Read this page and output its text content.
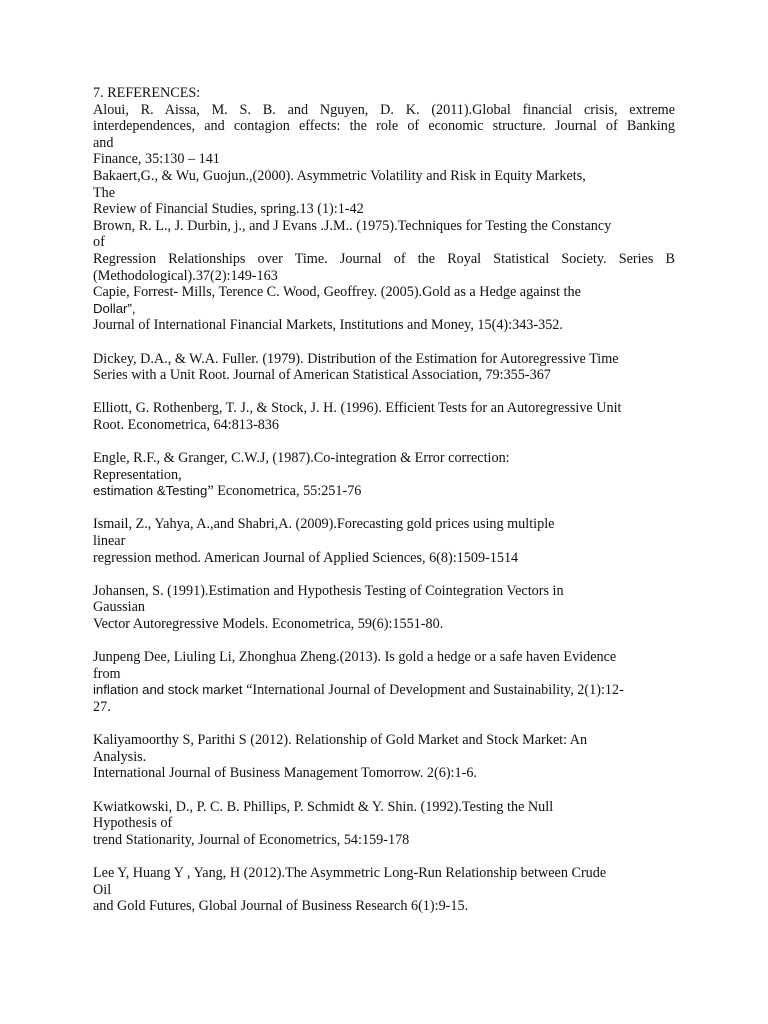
7. REFERENCES:
Aloui, R. Aissa, M. S. B. and Nguyen, D. K. (2011).Global financial crisis, extreme
interdependences, and contagion effects: the role of economic structure. Journal of Banking
and
Finance, 35:130 – 141
Bakaert,G., & Wu, Guojun.,(2000). Asymmetric Volatility and Risk in Equity Markets,
The
Review of Financial Studies, spring.13 (1):1-42
Brown, R. L., J. Durbin, j., and J Evans .J.M.. (1975).Techniques for Testing the Constancy
of
Regression Relationships over Time. Journal of the Royal Statistical Society. Series B
(Methodological).37(2):149-163
Capie, Forrest- Mills, Terence C. Wood, Geoffrey. (2005).Gold as a Hedge against the
Dollar”,
Journal of International Financial Markets, Institutions and Money, 15(4):343-352.
Dickey, D.A., & W.A. Fuller. (1979). Distribution of the Estimation for Autoregressive Time
Series with a Unit Root. Journal of American Statistical Association, 79:355-367
Elliott, G. Rothenberg, T. J., & Stock, J. H. (1996). Efficient Tests for an Autoregressive Unit
Root. Econometrica, 64:813-836
Engle, R.F., & Granger, C.W.J, (1987).Co-integration & Error correction:
Representation,
estimation &Testing” Econometrica, 55:251-76
Ismail, Z., Yahya, A.,and Shabri,A. (2009).Forecasting gold prices using multiple
linear
regression method. American Journal of Applied Sciences, 6(8):1509-1514
Johansen, S. (1991).Estimation and Hypothesis Testing of Cointegration Vectors in
Gaussian
Vector Autoregressive Models. Econometrica, 59(6):1551-80.
Junpeng Dee, Liuling Li, Zhonghua Zheng.(2013). Is gold a hedge or a safe haven Evidence
from
inflation and stock market “International Journal of Development and Sustainability, 2(1):12-
27.
Kaliyamoorthy S, Parithi S (2012). Relationship of Gold Market and Stock Market: An
Analysis.
International Journal of Business Management Tomorrow. 2(6):1-6.
Kwiatkowski, D., P. C. B. Phillips, P. Schmidt & Y. Shin. (1992).Testing the Null
Hypothesis of
trend Stationarity, Journal of Econometrics, 54:159-178
Lee Y, Huang Y , Yang, H (2012).The Asymmetric Long-Run Relationship between Crude
Oil
and Gold Futures, Global Journal of Business Research 6(1):9-15.
